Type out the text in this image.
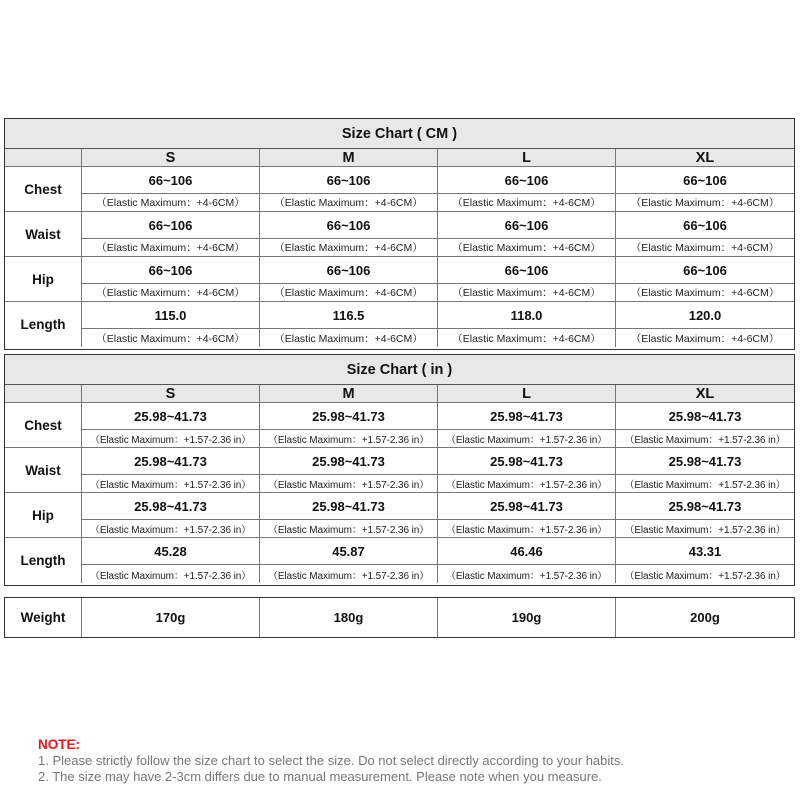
Size Chart ( CM )
S	M	L	XL
Chest
66~106	66~106	66~106	66~106
（Elastic Maximum：+4-6CM）	（Elastic Maximum：+4-6CM）	（Elastic Maximum：+4-6CM）	（Elastic Maximum：+4-6CM）
Waist
66~106	66~106	66~106	66~106
（Elastic Maximum：+4-6CM）	（Elastic Maximum：+4-6CM）	（Elastic Maximum：+4-6CM）	（Elastic Maximum：+4-6CM）
Hip
66~106	66~106	66~106	66~106
（Elastic Maximum：+4-6CM）	（Elastic Maximum：+4-6CM）	（Elastic Maximum：+4-6CM）	（Elastic Maximum：+4-6CM）
Length
115.0	116.5	118.0	120.0
（Elastic Maximum：+4-6CM）	（Elastic Maximum：+4-6CM）	（Elastic Maximum：+4-6CM）	（Elastic Maximum：+4-6CM）
Size Chart ( in )
S	M	L	XL
Chest
25.98~41.73	25.98~41.73	25.98~41.73	25.98~41.73
（Elastic Maximum：+1.57-2.36 in）	（Elastic Maximum：+1.57-2.36 in）	（Elastic Maximum：+1.57-2.36 in）	（Elastic Maximum：+1.57-2.36 in）
Waist
25.98~41.73	25.98~41.73	25.98~41.73	25.98~41.73
（Elastic Maximum：+1.57-2.36 in）	（Elastic Maximum：+1.57-2.36 in）	（Elastic Maximum：+1.57-2.36 in）	（Elastic Maximum：+1.57-2.36 in）
Hip
25.98~41.73	25.98~41.73	25.98~41.73	25.98~41.73
（Elastic Maximum：+1.57-2.36 in）	（Elastic Maximum：+1.57-2.36 in）	（Elastic Maximum：+1.57-2.36 in）	（Elastic Maximum：+1.57-2.36 in）
Length
45.28	45.87	46.46	43.31
（Elastic Maximum：+1.57-2.36 in）	（Elastic Maximum：+1.57-2.36 in）	（Elastic Maximum：+1.57-2.36 in）	（Elastic Maximum：+1.57-2.36 in）
Weight	170g	180g	190g	200g
NOTE:
1. Please strictly follow the size chart to select the size. Do not select directly according to your habits.
2. The size may have 2-3cm differs due to manual measurement. Please note when you measure.
